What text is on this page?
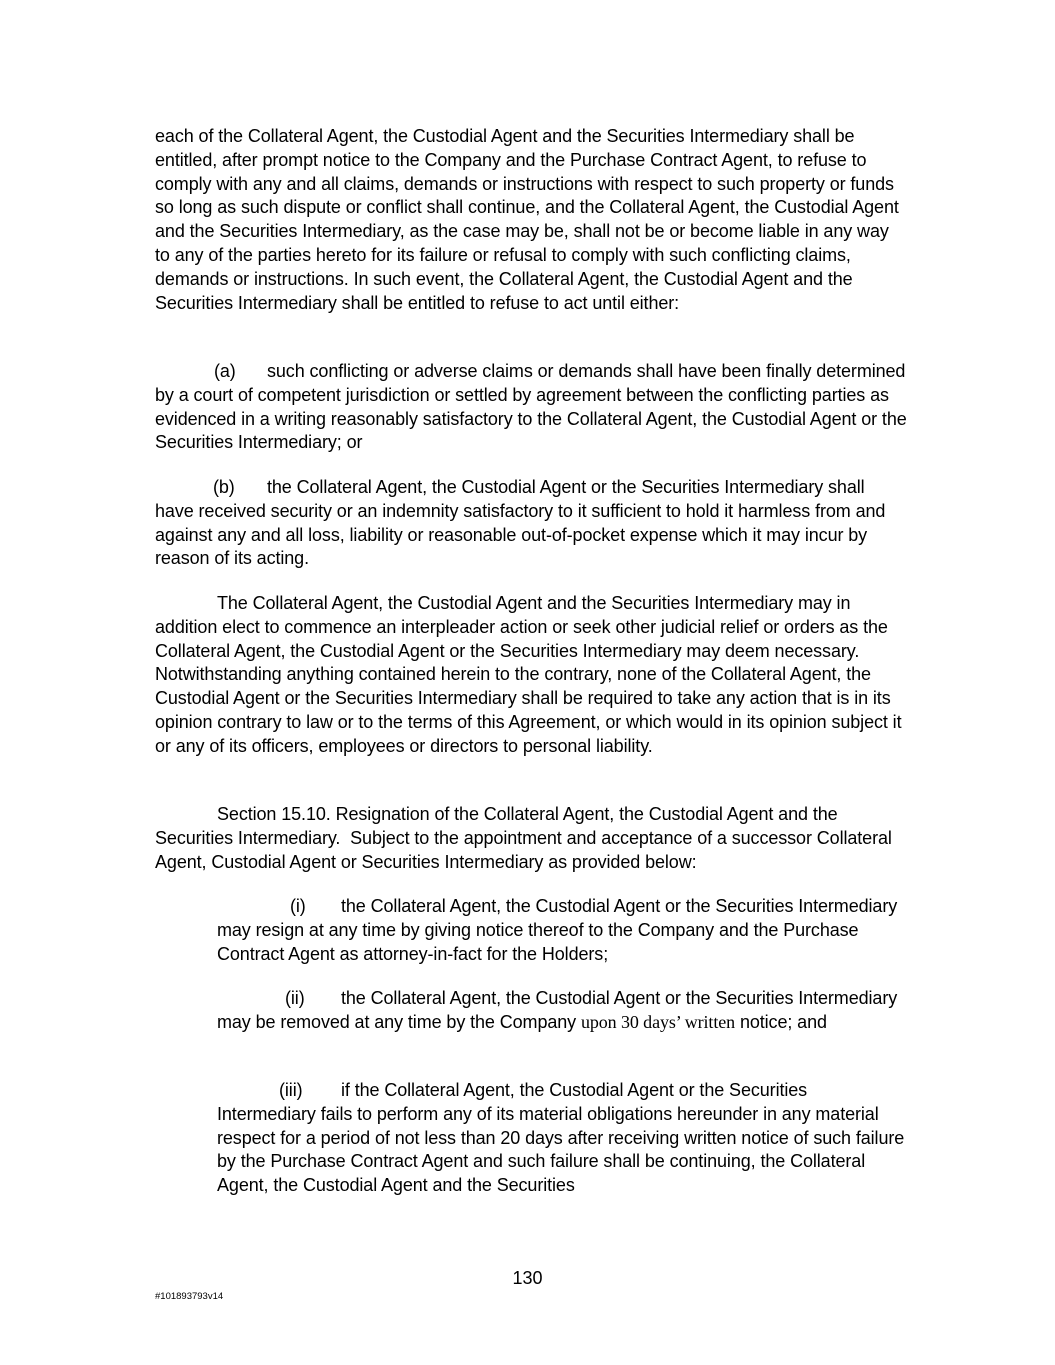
each of the Collateral Agent, the Custodial Agent and the Securities Intermediary shall be entitled, after prompt notice to the Company and the Purchase Contract Agent, to refuse to comply with any and all claims, demands or instructions with respect to such property or funds so long as such dispute or conflict shall continue, and the Collateral Agent, the Custodial Agent and the Securities Intermediary, as the case may be, shall not be or become liable in any way to any of the parties hereto for its failure or refusal to comply with such conflicting claims, demands or instructions. In such event, the Collateral Agent, the Custodial Agent and the Securities Intermediary shall be entitled to refuse to act until either:

(a) such conflicting or adverse claims or demands shall have been finally determined by a court of competent jurisdiction or settled by agreement between the conflicting parties as evidenced in a writing reasonably satisfactory to the Collateral Agent, the Custodial Agent or the Securities Intermediary; or

(b) the Collateral Agent, the Custodial Agent or the Securities Intermediary shall have received security or an indemnity satisfactory to it sufficient to hold it harmless from and against any and all loss, liability or reasonable out-of-pocket expense which it may incur by reason of its acting.

The Collateral Agent, the Custodial Agent and the Securities Intermediary may in addition elect to commence an interpleader action or seek other judicial relief or orders as the Collateral Agent, the Custodial Agent or the Securities Intermediary may deem necessary. Notwithstanding anything contained herein to the contrary, none of the Collateral Agent, the Custodial Agent or the Securities Intermediary shall be required to take any action that is in its opinion contrary to law or to the terms of this Agreement, or which would in its opinion subject it or any of its officers, employees or directors to personal liability.

Section 15.10. Resignation of the Collateral Agent, the Custodial Agent and the Securities Intermediary. Subject to the appointment and acceptance of a successor Collateral Agent, Custodial Agent or Securities Intermediary as provided below:

(i) the Collateral Agent, the Custodial Agent or the Securities Intermediary may resign at any time by giving notice thereof to the Company and the Purchase Contract Agent as attorney-in-fact for the Holders;

(ii) the Collateral Agent, the Custodial Agent or the Securities Intermediary may be removed at any time by the Company upon 30 days’ written notice; and

(iii) if the Collateral Agent, the Custodial Agent or the Securities Intermediary fails to perform any of its material obligations hereunder in any material respect for a period of not less than 20 days after receiving written notice of such failure by the Purchase Contract Agent and such failure shall be continuing, the Collateral Agent, the Custodial Agent and the Securities

130
#101893793v14
